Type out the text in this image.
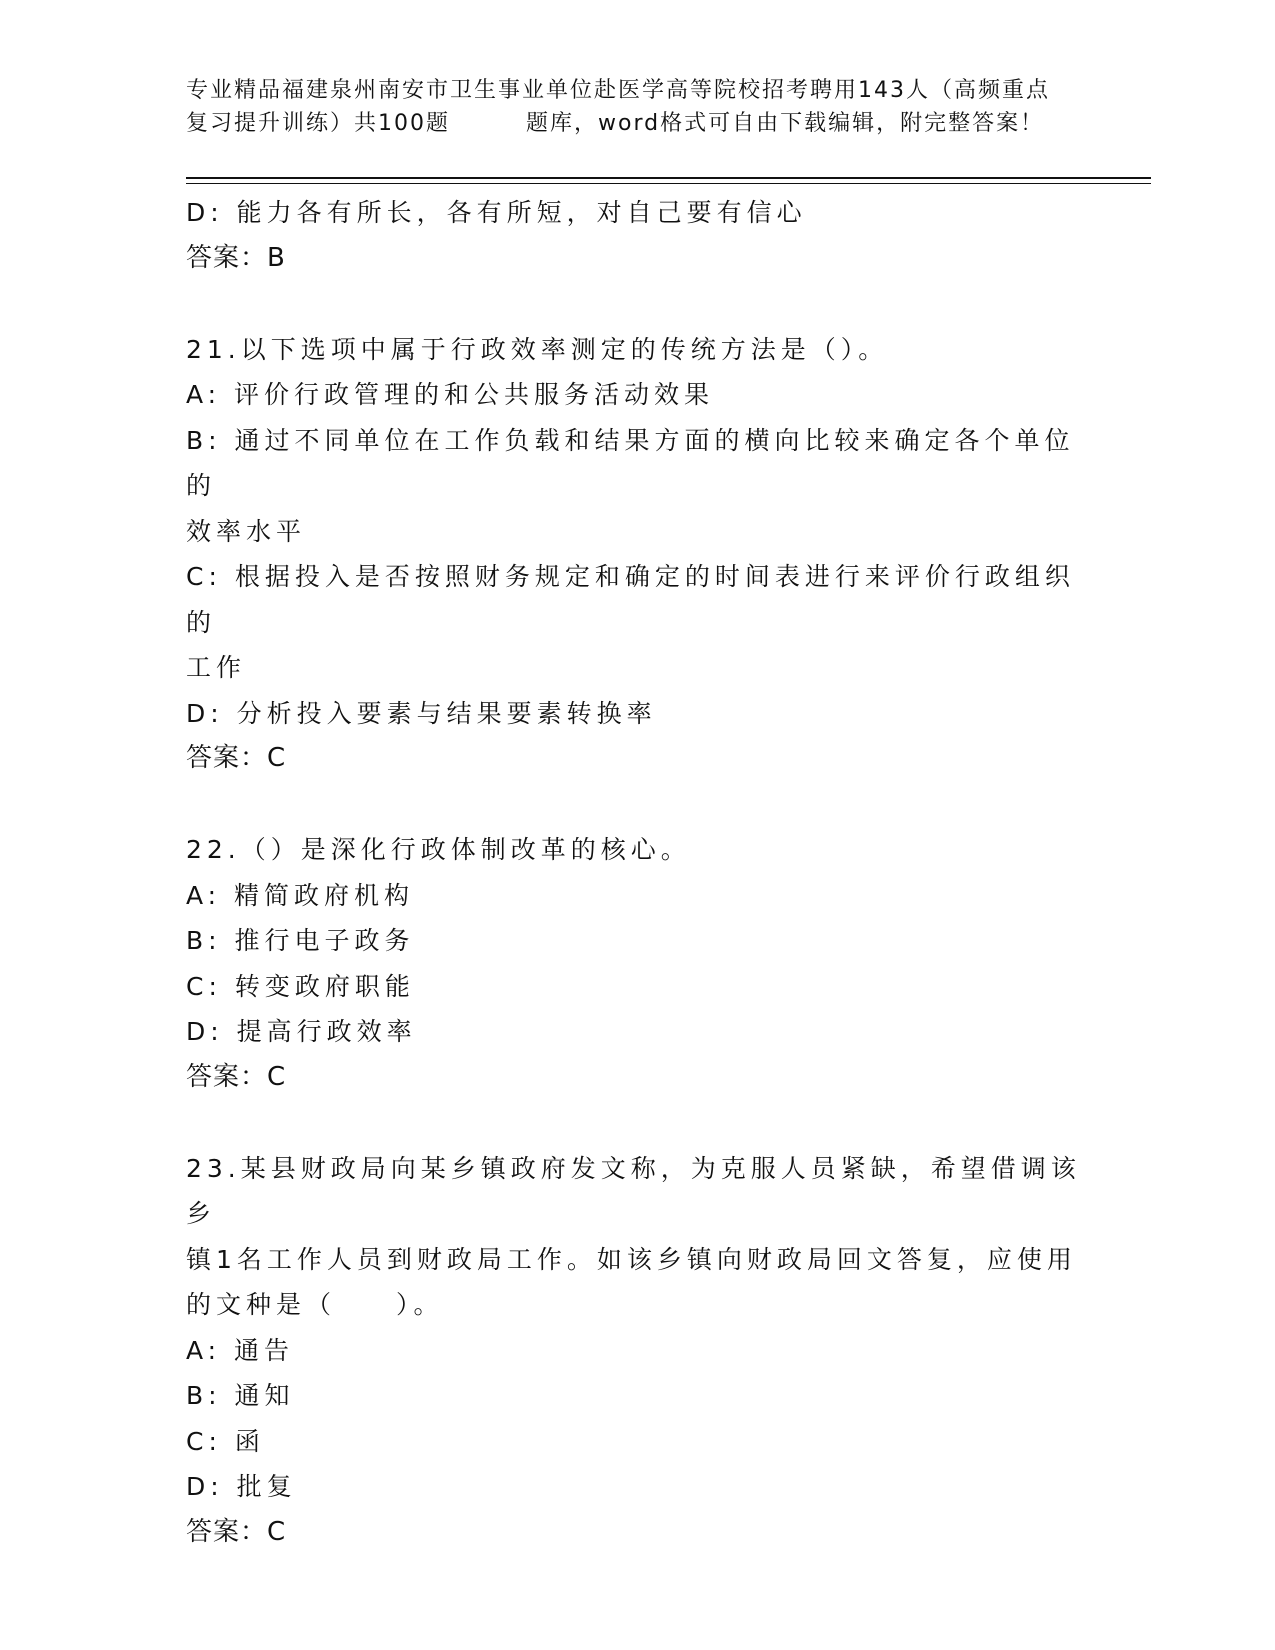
专业精品福建泉州南安市卫生事业单位赴医学高等院校招考聘用143人（高频重点
复习提升训练）共100题	题库，word格式可自由下载编辑，附完整答案！
D: 能力各有所长，各有所短，对自己要有信心
答案：B
21.以下选项中属于行政效率测定的传统方法是（）。
A: 评价行政管理的和公共服务活动效果
B: 通过不同单位在工作负载和结果方面的横向比较来确定各个单位的
效率水平
C: 根据投入是否按照财务规定和确定的时间表进行来评价行政组织的
工作
D: 分析投入要素与结果要素转换率
答案：C
22.（）是深化行政体制改革的核心。
A: 精简政府机构
B: 推行电子政务
C: 转变政府职能
D: 提高行政效率
答案：C
23.某县财政局向某乡镇政府发文称，为克服人员紧缺，希望借调该乡
镇1名工作人员到财政局工作。如该乡镇向财政局回文答复，应使用
的文种是（　　）。
A: 通告
B: 通知
C: 函
D: 批复
答案：C
